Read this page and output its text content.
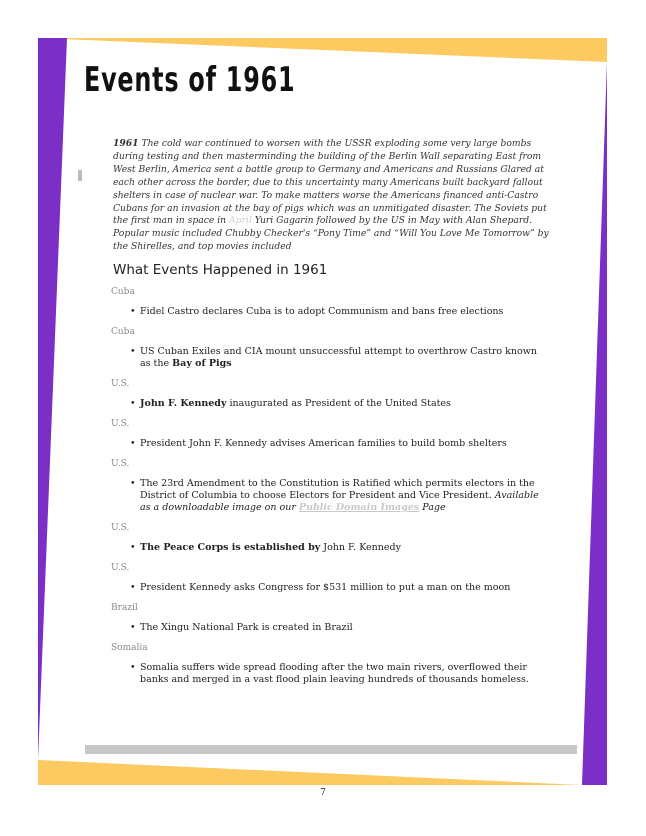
Events of 1961

1961 The cold war continued to worsen with the USSR exploding some very large bombs during testing and then masterminding the building of the Berlin Wall separating East from West Berlin, America sent a battle group to Germany and Americans and Russians Glared at each other across the border, due to this uncertainty many Americans built backyard fallout shelters in case of nuclear war. To make matters worse the Americans financed anti-Castro Cubans for an invasion at the bay of pigs which was an unmitigated disaster. The Soviets put the first man in space in April Yuri Gagarin followed by the US in May with Alan Shepard. Popular music included Chubby Checker's “Pony Time” and “Will You Love Me Tomorrow” by the Shirelles, and top movies included

What Events Happened in 1961
Cuba
• Fidel Castro declares Cuba is to adopt Communism and bans free elections
Cuba
• US Cuban Exiles and CIA mount unsuccessful attempt to overthrow Castro known as the Bay of Pigs
U.S.
• John F. Kennedy inaugurated as President of the United States
U.S.
• President John F. Kennedy advises American families to build bomb shelters
U.S.
• The 23rd Amendment to the Constitution is Ratified which permits electors in the District of Columbia to choose Electors for President and Vice President. Available as a downloadable image on our Public Domain Images Page
U.S.
• The Peace Corps is established by John F. Kennedy
U.S.
• President Kennedy asks Congress for $531 million to put a man on the moon
Brazil
• The Xingu National Park is created in Brazil
Somalia
• Somalia suffers wide spread flooding after the two main rivers, overflowed their banks and merged in a vast flood plain leaving hundreds of thousands homeless.
7
